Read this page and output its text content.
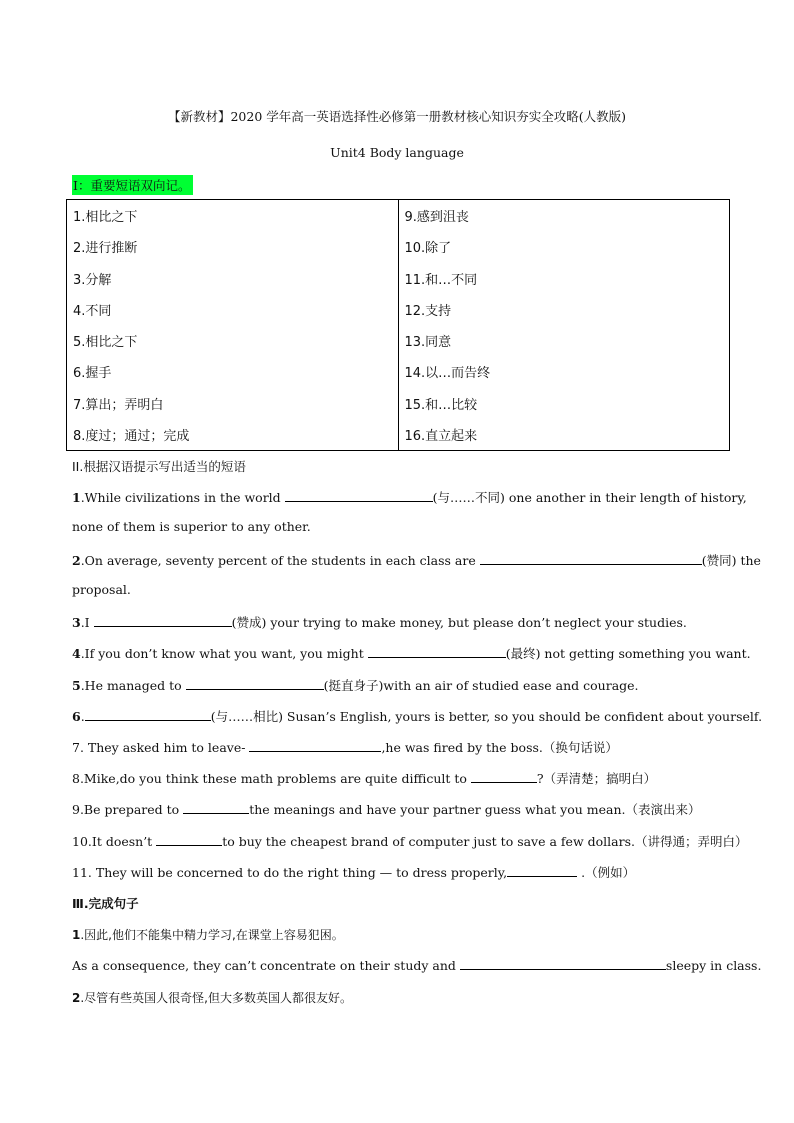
【新教材】2020 学年高一英语选择性必修第一册教材核心知识夯实全攻略(人教版)
Unit4 Body language
I：重要短语双向记。
1.相比之下	9.感到沮丧
2.进行推断	10.除了
3.分解	11.和…不同
4.不同	12.支持
5.相比之下	13.同意
6.握手	14.以…而告终
7.算出；弄明白	15.和…比较
8.度过；通过；完成	16.直立起来
II.根据汉语提示写出适当的短语
1.While civilizations in the world	(与……不同) one another in their length of history,
none of them is superior to any other.
2.On average, seventy percent of the students in each class are	(赞同) the
proposal.
3.I	(赞成) your trying to make money, but please don’t neglect your studies.
4.If you don’t know what you want, you might	(最终) not getting something you want.
5.He managed to	(挺直身子)with an air of studied ease and courage.
6.	(与……相比) Susan’s English, yours is better, so you should be confident about yourself.
7. They asked him to leave-	,he was fired by the boss.（换句话说）
8.Mike,do you think these math problems are quite difficult to	?（弄清楚；搞明白）
9.Be prepared to	the meanings and have your partner guess what you mean.（表演出来）
10.It doesn’t	to buy the cheapest brand of computer just to save a few dollars.（讲得通；弄明白）
11. They will be concerned to do the right thing — to dress properly,	.（例如）
Ⅲ.完成句子
1.因此,他们不能集中精力学习,在课堂上容易犯困。
As a consequence, they can’t concentrate on their study and	sleepy in class.
2.尽管有些英国人很奇怪,但大多数英国人都很友好。
